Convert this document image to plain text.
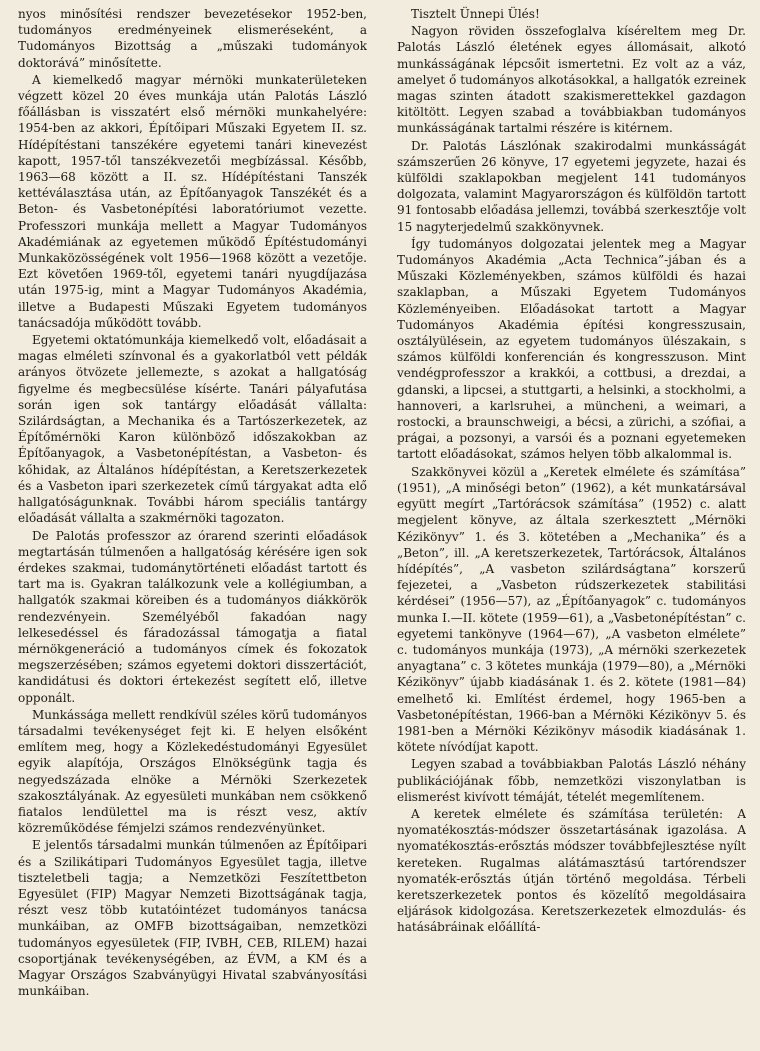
nyos minősítési rendszer bevezetésekor 1952-ben, tudományos eredményeinek elismeréseként, a Tudományos Bizottság a „műszaki tudományok doktorává” minősítette.

A kiemelkedő magyar mérnöki munkaterületeken végzett közel 20 éves munkája után Palotás László főállásban is visszatért első mérnöki munkahelyére: 1954-ben az akkori, Építőipari Műszaki Egyetem II. sz. Hídépítéstani tanszékére egyetemi tanári kinevezést kapott, 1957-től tanszékvezetői megbízással. Később, 1963—68 között a II. sz. Hídépítéstani Tanszék kettéválasztása után, az Építőanyagok Tanszékét és a Beton- és Vasbetonépítési laboratóriumot vezette. Professzori munkája mellett a Magyar Tudományos Akadémiának az egyetemen működő Építéstudományi Munkaközösségének volt 1956—1968 között a vezetője. Ezt követően 1969-től, egyetemi tanári nyugdíjazása után 1975-ig, mint a Magyar Tudományos Akadémia, illetve a Budapesti Műszaki Egyetem tudományos tanácsadója működött tovább.

Egyetemi oktatómunkája kiemelkedő volt, előadásait a magas elméleti színvonal és a gyakorlatból vett példák arányos ötvözete jellemezte, s azokat a hallgatóság figyelme és megbecsülése kísérte. Tanári pályafutása során igen sok tantárgy előadását vállalta: Szilárdságtan, a Mechanika és a Tartószerkezetek, az Építőmérnöki Karon különböző időszakokban az Építőanyagok, a Vasbetonépítéstan, a Vasbeton- és kőhidak, az Általános hídépítéstan, a Keretszerkezetek és a Vasbeton ipari szerkezetek című tárgyakat adta elő hallgatóságunknak. További három speciális tantárgy előadását vállalta a szakmérnöki tagozaton.

De Palotás professzor az órarend szerinti előadások megtartásán túlmenően a hallgatóság kérésére igen sok érdekes szakmai, tudománytörténeti előadást tartott és tart ma is. Gyakran találkozunk vele a kollégiumban, a hallgatók szakmai köreiben és a tudományos diákkörök rendezvényein. Személyéből fakadóan nagy lelkesedéssel és fáradozással támogatja a fiatal mérnökgeneráció a tudományos címek és fokozatok megszerzésében; számos egyetemi doktori disszertációt, kandidátusi és doktori értekezést segített elő, illetve opponált.

Munkássága mellett rendkívül széles körű tudományos társadalmi tevékenységet fejt ki. E helyen elsőként említem meg, hogy a Közlekedéstudományi Egyesület egyik alapítója, Országos Elnökségünk tagja és negyedszázada elnöke a Mérnöki Szerkezetek szakosztályának. Az egyesületi munkában nem csökkenő fiatalos lendülettel ma is részt vesz, aktív közreműködése fémjelzi számos rendezvényünket.

E jelentős társadalmi munkán túlmenően az Építőipari és a Szilikátipari Tudományos Egyesület tagja, illetve tiszteletbeli tagja; a Nemzetközi Feszítettbeton Egyesület (FIP) Magyar Nemzeti Bizottságának tagja, részt vesz több kutatóintézet tudományos tanácsa munkáiban, az OMFB bizottságaiban, nemzetközi tudományos egyesületek (FIP, IVBH, CEB, RILEM) hazai csoportjának tevékenységében, az ÉVM, a KM és a Magyar Országos Szabványügyi Hivatal szabványosítási munkáiban.

Tisztelt Ünnepi Ülés!

Nagyon röviden összefoglalva kíséreltem meg Dr. Palotás László életének egyes állomásait, alkotó munkásságának lépcsőit ismertetni. Ez volt az a váz, amelyet ő tudományos alkotásokkal, a hallgatók ezreinek magas szinten átadott szakismerettekkel gazdagon kitöltött. Legyen szabad a továbbiakban tudományos munkásságának tartalmi részére is kitérnem.

Dr. Palotás Lászlónak szakirodalmi munkásságát számszerűen 26 könyve, 17 egyetemi jegyzete, hazai és külföldi szaklapokban megjelent 141 tudományos dolgozata, valamint Magyarországon és külföldön tartott 91 fontosabb előadása jellemzi, továbbá szerkesztője volt 15 nagyterjedelmű szakkönyvnek.

Így tudományos dolgozatai jelentek meg a Magyar Tudományos Akadémia „Acta Technica”-jában és a Műszaki Közleményekben, számos külföldi és hazai szaklapban, a Műszaki Egyetem Tudományos Közleményeiben. Előadásokat tartott a Magyar Tudományos Akadémia építési kongresszusain, osztályülésein, az egyetem tudományos ülészakain, s számos külföldi konferencián és kongresszuson. Mint vendégprofesszor a krakkói, a cottbusi, a drezdai, a gdanski, a lipcsei, a stuttgarti, a helsinki, a stockholmi, a hannoveri, a karlsruhei, a müncheni, a weimari, a rostocki, a braunschweigi, a bécsi, a zürichi, a szófiai, a prágai, a pozsonyi, a varsói és a poznani egyetemeken tartott előadásokat, számos helyen több alkalommal is.

Szakkönyvei közül a „Keretek elmélete és számítása” (1951), „A minőségi beton” (1962), a két munkatársával együtt megírt „Tartórácsok számítása” (1952) c. alatt megjelent könyve, az általa szerkesztett „Mérnöki Kézikönyv” 1. és 3. kötetében a „Mechanika” és a „Beton”, ill. „A keretszerkezetek, Tartórácsok, Általános hídépítés”, „A vasbeton szilárdságtana” korszerű fejezetei, a „Vasbeton rúdszerkezetek stabilitási kérdései” (1956—57), az „Építőanyagok” c. tudományos munka I.—II. kötete (1959—61), a „Vasbetonépítéstan” c. egyetemi tankönyve (1964—67), „A vasbeton elmélete” c. tudományos munkája (1973), „A mérnöki szerkezetek anyagtana” c. 3 kötetes munkája (1979—80), a „Mérnöki Kézikönyv” újabb kiadásának 1. és 2. kötete (1981—84) emelhető ki. Említést érdemel, hogy 1965-ben a Vasbetonépítéstan, 1966-ban a Mérnöki Kézikönyv 5. és 1981-ben a Mérnöki Kézikönyv második kiadásának 1. kötete nívódíjat kapott.

Legyen szabad a továbbiakban Palotás László néhány publikációjának főbb, nemzetközi viszonylatban is elismerést kivívott témáját, tételét megemlítenem.

A keretek elmélete és számítása területén: A nyomatékosztás-módszer összetartásának igazolása. A nyomatékosztás-erősztás módszer továbbfejlesztése nyílt kereteken. Rugalmas alátámasztású tartórendszer nyomaték-erősztás útján történő megoldása. Térbeli keretszerkezetek pontos és közelítő megoldásaira eljárások kidolgozása. Keretszerkezetek elmozdulás- és hatásábráinak előállítá-
